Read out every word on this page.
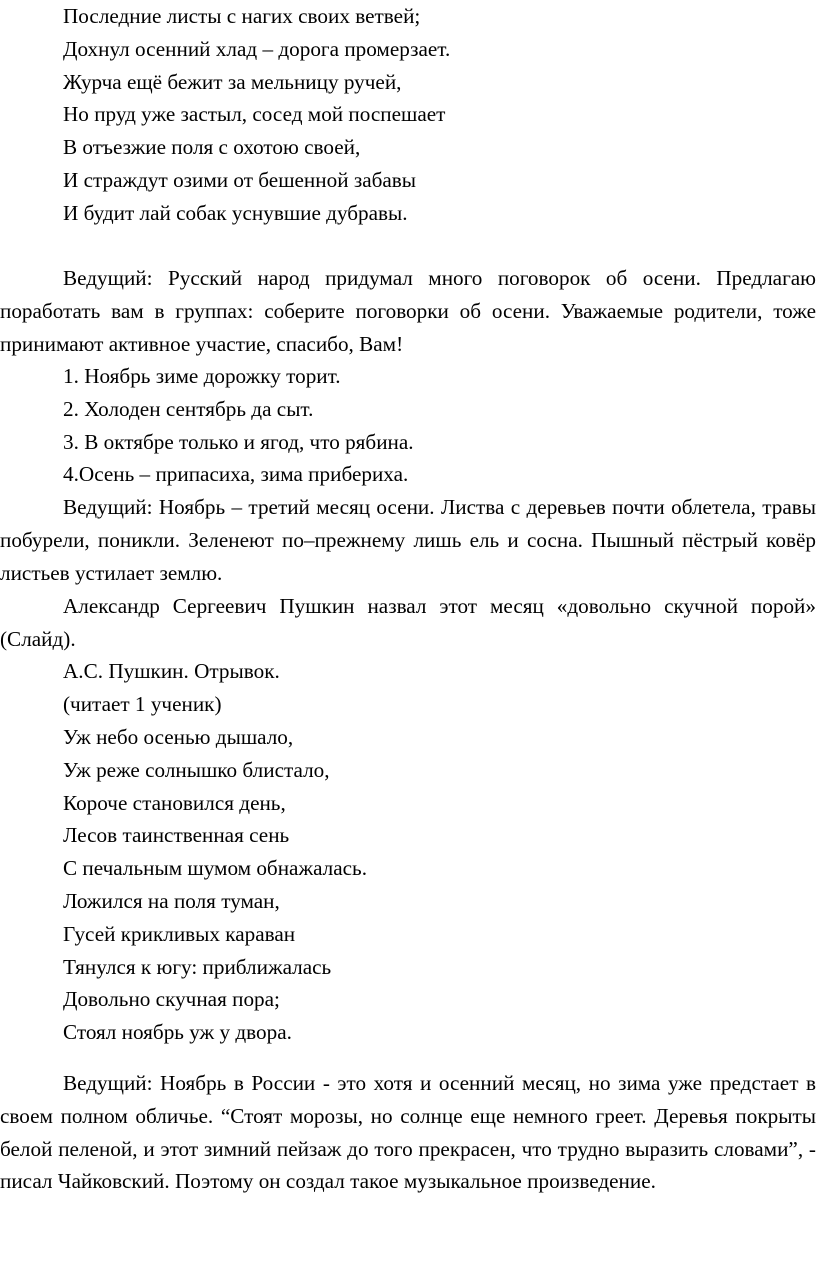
Последние листы с нагих своих ветвей;
Дохнул осенний хлад – дорога промерзает.
Журча ещё бежит за мельницу ручей,
Но пруд уже застыл, сосед мой поспешает
В отъезжие поля с охотою своей,
И страждут озими от бешенной забавы
И будит лай собак уснувшие дубравы.

Ведущий: Русский народ придумал много поговорок об осени. Предлагаю поработать вам в группах: соберите поговорки об осени. Уважаемые родители, тоже принимают активное участие, спасибо, Вам!

1. Ноябрь зиме дорожку торит.
2. Холоден сентябрь да сыт.
3. В октябре только и ягод, что рябина.
4.Осень – припасиха, зима прибериха.

Ведущий: Ноябрь – третий месяц осени. Листва с деревьев почти облетела, травы побурели, поникли. Зеленеют по–прежнему лишь ель и сосна. Пышный пёстрый ковёр листьев устилает землю.

Александр Сергеевич Пушкин назвал этот месяц «довольно скучной порой» (Слайд).

А.С. Пушкин. Отрывок.
(читает 1 ученик)
Уж небо осенью дышало,
Уж реже солнышко блистало,
Короче становился день,
Лесов таинственная сень
С печальным шумом обнажалась.
Ложился на поля туман,
Гусей крикливых караван
Тянулся к югу: приближалась
Довольно скучная пора;
Стоял ноябрь уж у двора.

Ведущий: Ноябрь в России - это хотя и осенний месяц, но зима уже предстает в своем полном обличье. “Стоят морозы, но солнце еще немного греет. Деревья покрыты белой пеленой, и этот зимний пейзаж до того прекрасен, что трудно выразить словами”, - писал Чайковский. Поэтому он создал такое музыкальное произведение.
